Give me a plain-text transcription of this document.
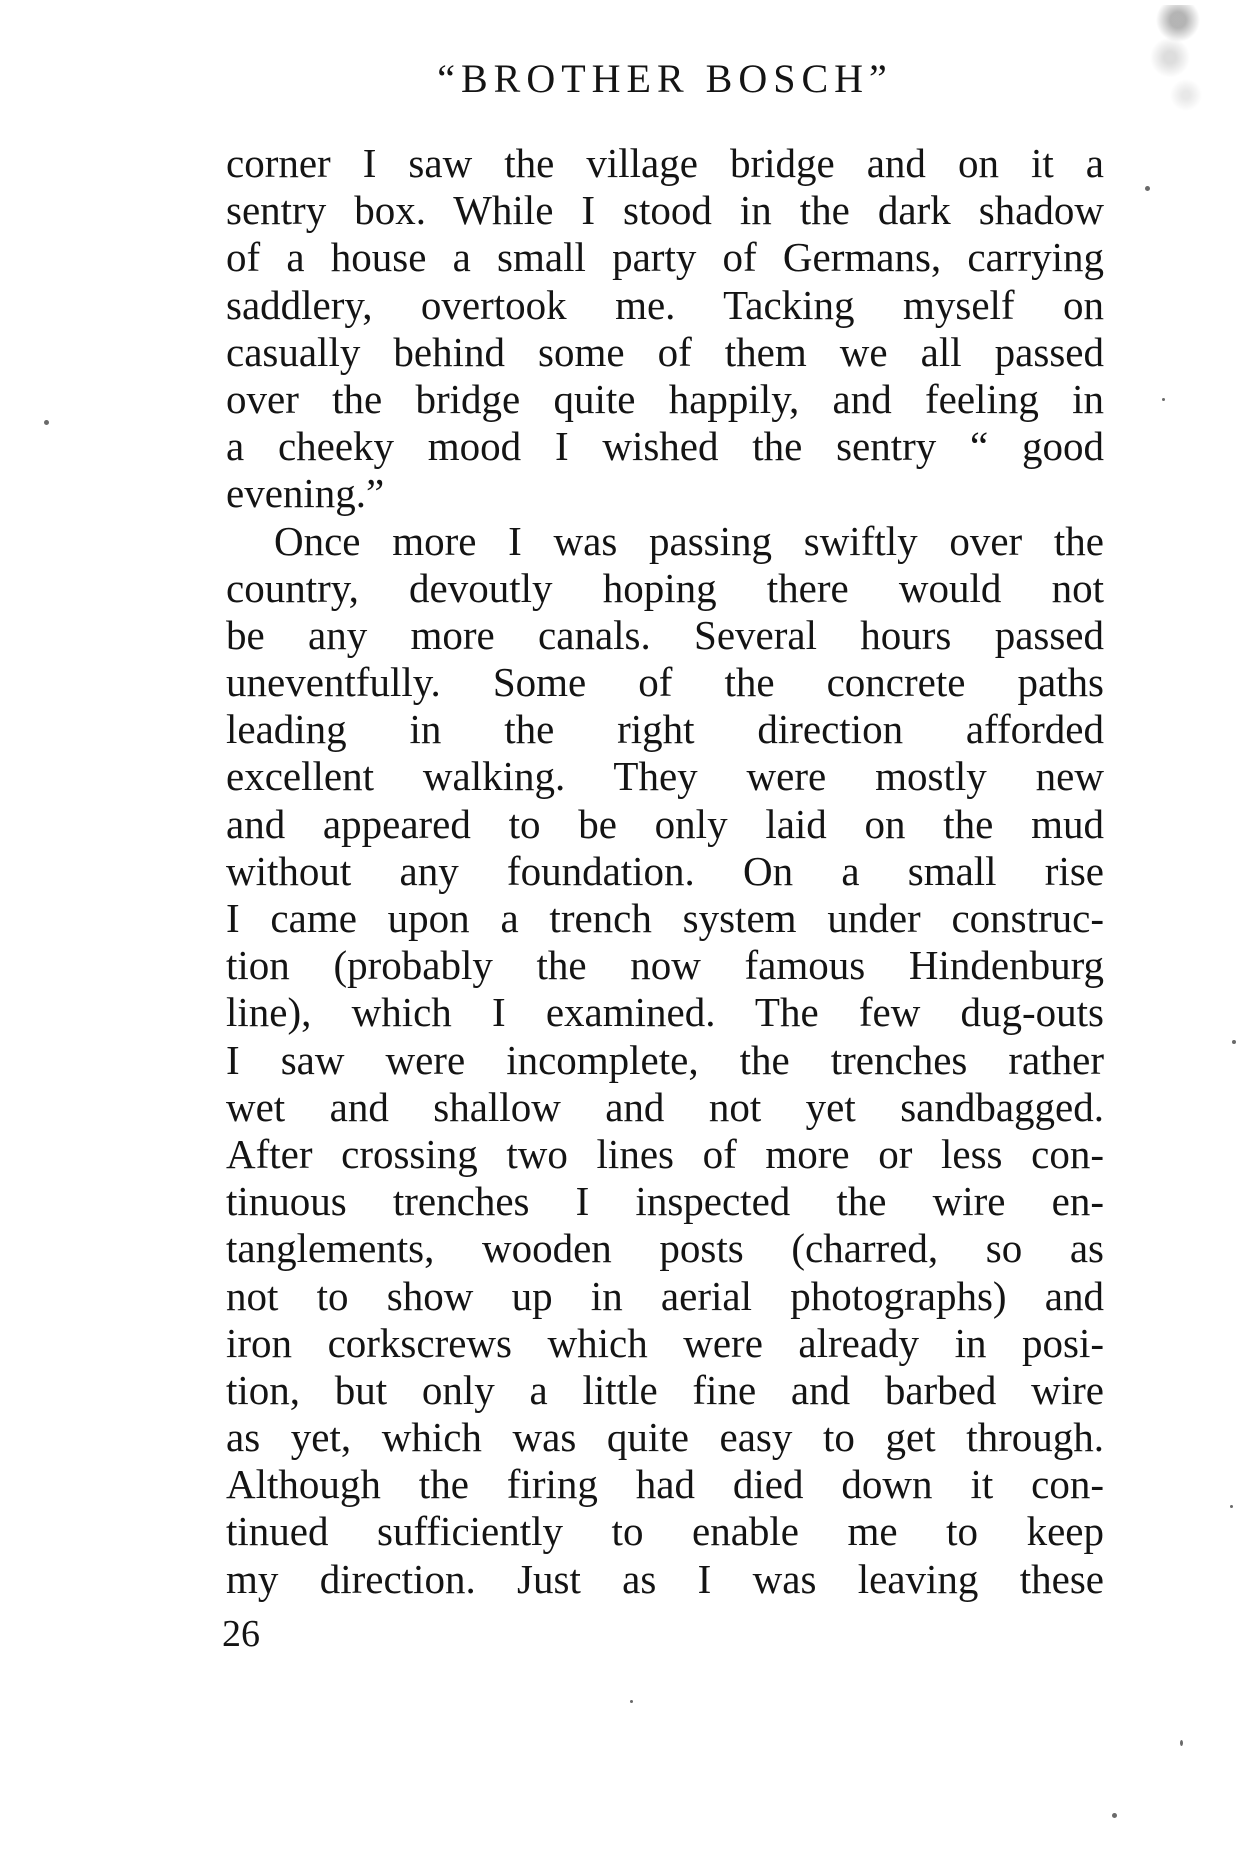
“BROTHER BOSCH”
corner I saw the village bridge and on it a
sentry box. While I stood in the dark shadow
of a house a small party of Germans, carrying
saddlery, overtook me. Tacking myself on
casually behind some of them we all passed
over the bridge quite happily, and feeling in
a cheeky mood I wished the sentry “ good
evening.”
Once more I was passing swiftly over the
country, devoutly hoping there would not
be any more canals. Several hours passed
uneventfully. Some of the concrete paths
leading in the right direction afforded
excellent walking. They were mostly new
and appeared to be only laid on the mud
without any foundation. On a small rise
I came upon a trench system under construc-
tion (probably the now famous Hindenburg
line), which I examined. The few dug-outs
I saw were incomplete, the trenches rather
wet and shallow and not yet sandbagged.
After crossing two lines of more or less con-
tinuous trenches I inspected the wire en-
tanglements, wooden posts (charred, so as
not to show up in aerial photographs) and
iron corkscrews which were already in posi-
tion, but only a little fine and barbed wire
as yet, which was quite easy to get through.
Although the firing had died down it con-
tinued sufficiently to enable me to keep
my direction. Just as I was leaving these
26
